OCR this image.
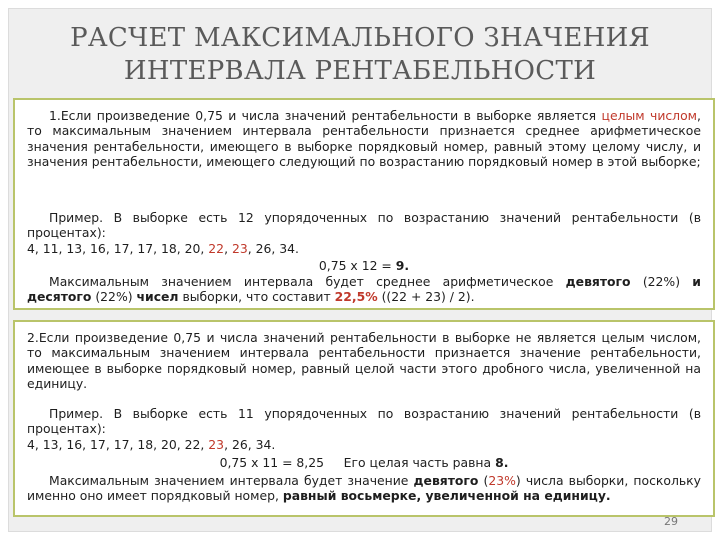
РАСЧЕТ МАКСИМАЛЬНОГО ЗНАЧЕНИЯ
ИНТЕРВАЛА РЕНТАБЕЛЬНОСТИ

1.Если произведение 0,75 и числа значений рентабельности в выборке является целым числом, то максимальным значением интервала рентабельности признается среднее арифметическое значения рентабельности, имеющего в выборке порядковый номер, равный этому целому числу, и значения рентабельности, имеющего следующий по возрастанию порядковый номер в этой выборке;

Пример. В выборке есть 12 упорядоченных по возрастанию значений рентабельности (в процентах):

4, 11, 13, 16, 17, 17, 18, 20, 22, 23, 26, 34.

0,75 х 12 = 9.

Максимальным значением интервала будет среднее арифметическое девятого (22%) и десятого (22%) чисел выборки, что составит 22,5% ((22 + 23) / 2).

2.Если произведение 0,75 и числа значений рентабельности в выборке не является целым числом, то максимальным значением интервала рентабельности признается значение рентабельности, имеющее в выборке порядковый номер, равный целой части этого дробного числа, увеличенной на единицу.

Пример. В выборке есть 11 упорядоченных по возрастанию значений рентабельности (в процентах):

4, 13, 16, 17, 17, 18, 20, 22, 23, 26, 34.

0,75 х 11 = 8,25     Его целая часть равна 8.

Максимальным значением интервала будет значение девятого (23%) числа выборки, поскольку именно оно имеет порядковый номер, равный восьмерке, увеличенной на единицу.

29
